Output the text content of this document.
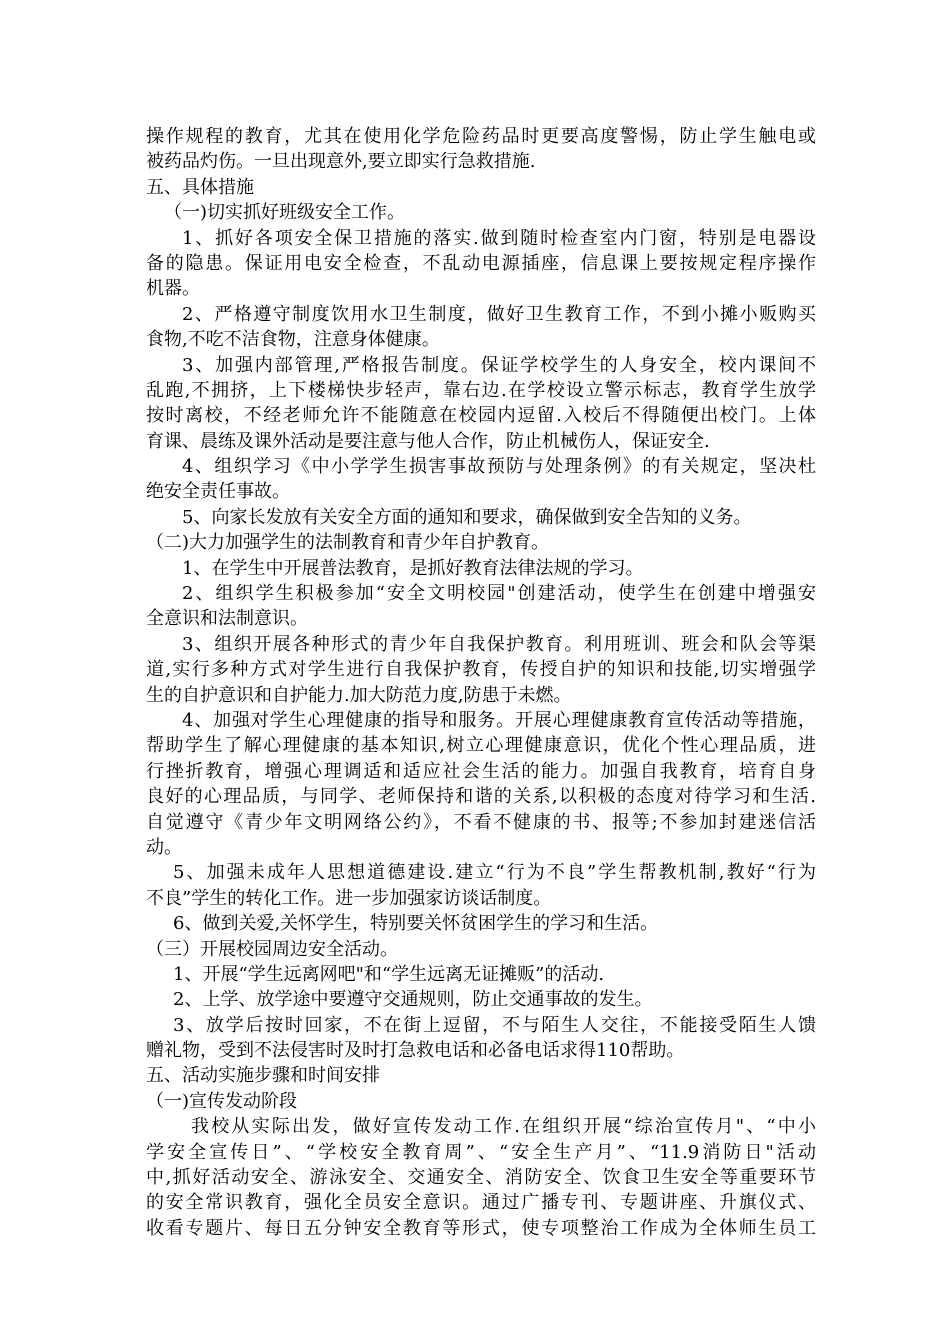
操作规程的教育，尤其在使用化学危险药品时更要高度警惕，防止学生触电或
被药品灼伤。一旦出现意外,要立即实行急救措施.
五、具体措施
（一)切实抓好班级安全工作。
1、抓好各项安全保卫措施的落实.做到随时检查室内门窗，特别是电器设
备的隐患。保证用电安全检查，不乱动电源插座，信息课上要按规定程序操作
机器。
2、严格遵守制度饮用水卫生制度，做好卫生教育工作，不到小摊小贩购买
食物,不吃不洁食物，注意身体健康。
3、加强内部管理,严格报告制度。保证学校学生的人身安全，校内课间不
乱跑,不拥挤，上下楼梯快步轻声，靠右边.在学校设立警示标志，教育学生放学
按时离校，不经老师允许不能随意在校园内逗留.入校后不得随便出校门。上体
育课、晨练及课外活动是要注意与他人合作，防止机械伤人，保证安全.
4、组织学习《中小学学生损害事故预防与处理条例》的有关规定，坚决杜
绝安全责任事故。
5、向家长发放有关安全方面的通知和要求，确保做到安全告知的义务。
（二)大力加强学生的法制教育和青少年自护教育。
1、在学生中开展普法教育，是抓好教育法律法规的学习。
2、组织学生积极参加“安全文明校园"创建活动，使学生在创建中增强安
全意识和法制意识。
3、组织开展各种形式的青少年自我保护教育。利用班训、班会和队会等渠
道,实行多种方式对学生进行自我保护教育，传授自护的知识和技能,切实增强学
生的自护意识和自护能力.加大防范力度,防患于未燃。
4、加强对学生心理健康的指导和服务。开展心理健康教育宣传活动等措施，
帮助学生了解心理健康的基本知识,树立心理健康意识，优化个性心理品质，进
行挫折教育，增强心理调适和适应社会生活的能力。加强自我教育，培育自身
良好的心理品质，与同学、老师保持和谐的关系,以积极的态度对待学习和生活.
自觉遵守《青少年文明网络公约》，不看不健康的书、报等;不参加封建迷信活
动。
5、加强未成年人思想道德建设.建立“行为不良”学生帮教机制,教好“行为
不良”学生的转化工作。进一步加强家访谈话制度。
6、做到关爱,关怀学生，特别要关怀贫困学生的学习和生活。
（三）开展校园周边安全活动。
1、开展“学生远离网吧"和“学生远离无证摊贩”的活动.
2、上学、放学途中要遵守交通规则，防止交通事故的发生。
3、放学后按时回家，不在街上逗留，不与陌生人交往，不能接受陌生人馈
赠礼物，受到不法侵害时及时打急救电话和必备电话求得110帮助。
五、活动实施步骤和时间安排
（一)宣传发动阶段
我校从实际出发，做好宣传发动工作.在组织开展“综治宣传月"、“中小
学安全宣传日”、“学校安全教育周”、“安全生产月”、“11.9消防日"活动
中,抓好活动安全、游泳安全、交通安全、消防安全、饮食卫生安全等重要环节
的安全常识教育，强化全员安全意识。通过广播专刊、专题讲座、升旗仪式、
收看专题片、每日五分钟安全教育等形式，使专项整治工作成为全体师生员工
